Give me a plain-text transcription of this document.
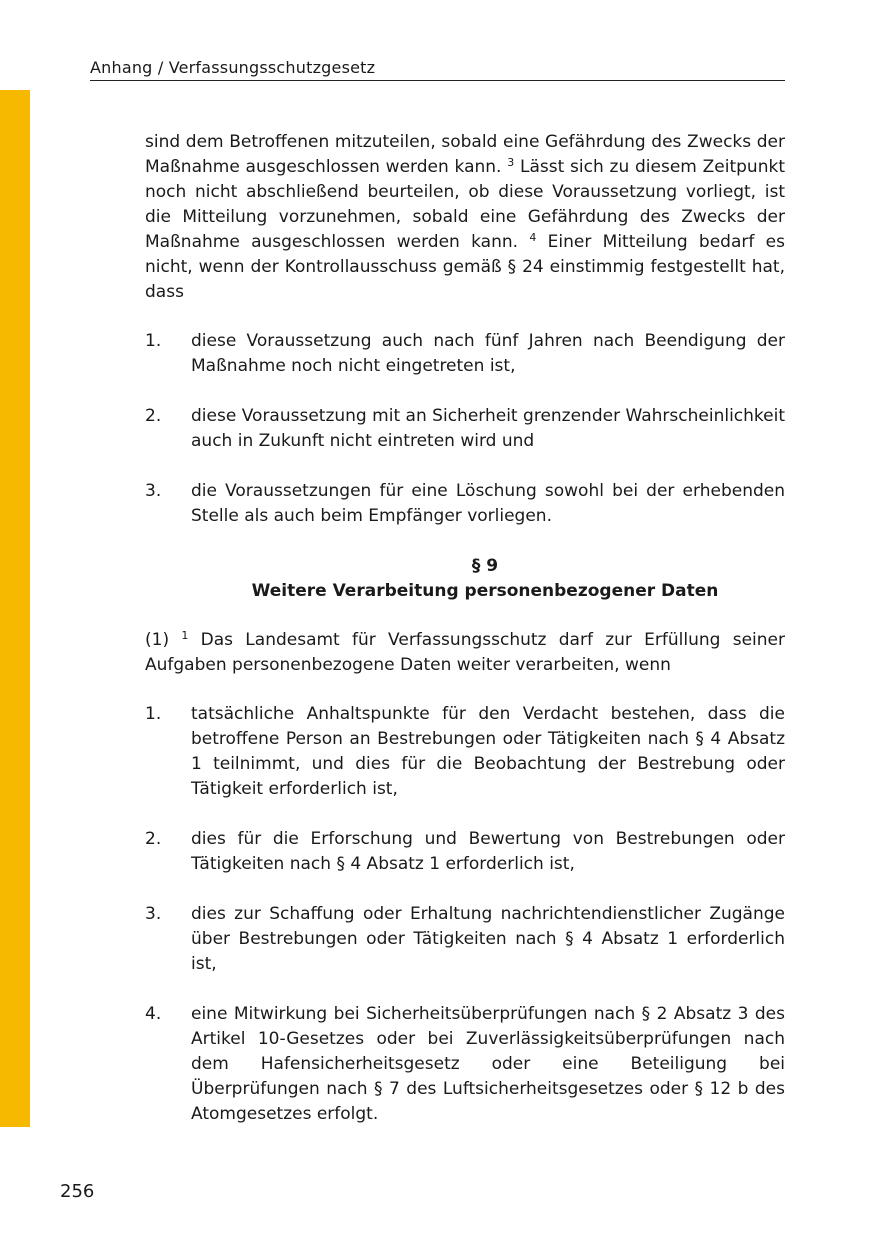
Anhang / Verfassungsschutzgesetz

sind dem Betroffenen mitzuteilen, sobald eine Gefährdung des Zwecks der Maßnahme ausgeschlossen werden kann. $^3$ Lässt sich zu diesem Zeitpunkt noch nicht abschließend beurteilen, ob diese Voraussetzung vorliegt, ist die Mitteilung vorzunehmen, sobald eine Gefährdung des Zwecks der Maßnahme ausgeschlossen werden kann. $^4$ Einer Mitteilung bedarf es nicht, wenn der Kontrollausschuss gemäß § 24 einstimmig festgestellt hat, dass

1.	diese Voraussetzung auch nach fünf Jahren nach Beendigung der Maßnahme noch nicht eingetreten ist,
2.	diese Voraussetzung mit an Sicherheit grenzender Wahrscheinlichkeit auch in Zukunft nicht eintreten wird und
3.	die Voraussetzungen für eine Löschung sowohl bei der erhebenden Stelle als auch beim Empfänger vorliegen.
§ 9
Weitere Verarbeitung personenbezogener Daten

(1) $^1$ Das Landesamt für Verfassungsschutz darf zur Erfüllung seiner Aufgaben personenbezogene Daten weiter verarbeiten, wenn

1.	tatsächliche Anhaltspunkte für den Verdacht bestehen, dass die betroffene Person an Bestrebungen oder Tätigkeiten nach § 4 Absatz 1 teilnimmt, und dies für die Beobachtung der Bestrebung oder Tätigkeit erforderlich ist,
2.	dies für die Erforschung und Bewertung von Bestrebungen oder Tätigkeiten nach § 4 Absatz 1 erforderlich ist,
3.	dies zur Schaffung oder Erhaltung nachrichtendienstlicher Zugänge über Bestrebungen oder Tätigkeiten nach § 4 Absatz 1 erforderlich ist,
4.	eine Mitwirkung bei Sicherheitsüberprüfungen nach § 2 Absatz 3 des Artikel 10-Gesetzes oder bei Zuverlässigkeitsüberprüfungen nach dem Hafensicherheitsgesetz oder eine Beteiligung bei Überprüfungen nach § 7 des Luftsicherheitsgesetzes oder § 12 b des Atomgesetzes erfolgt.
256
